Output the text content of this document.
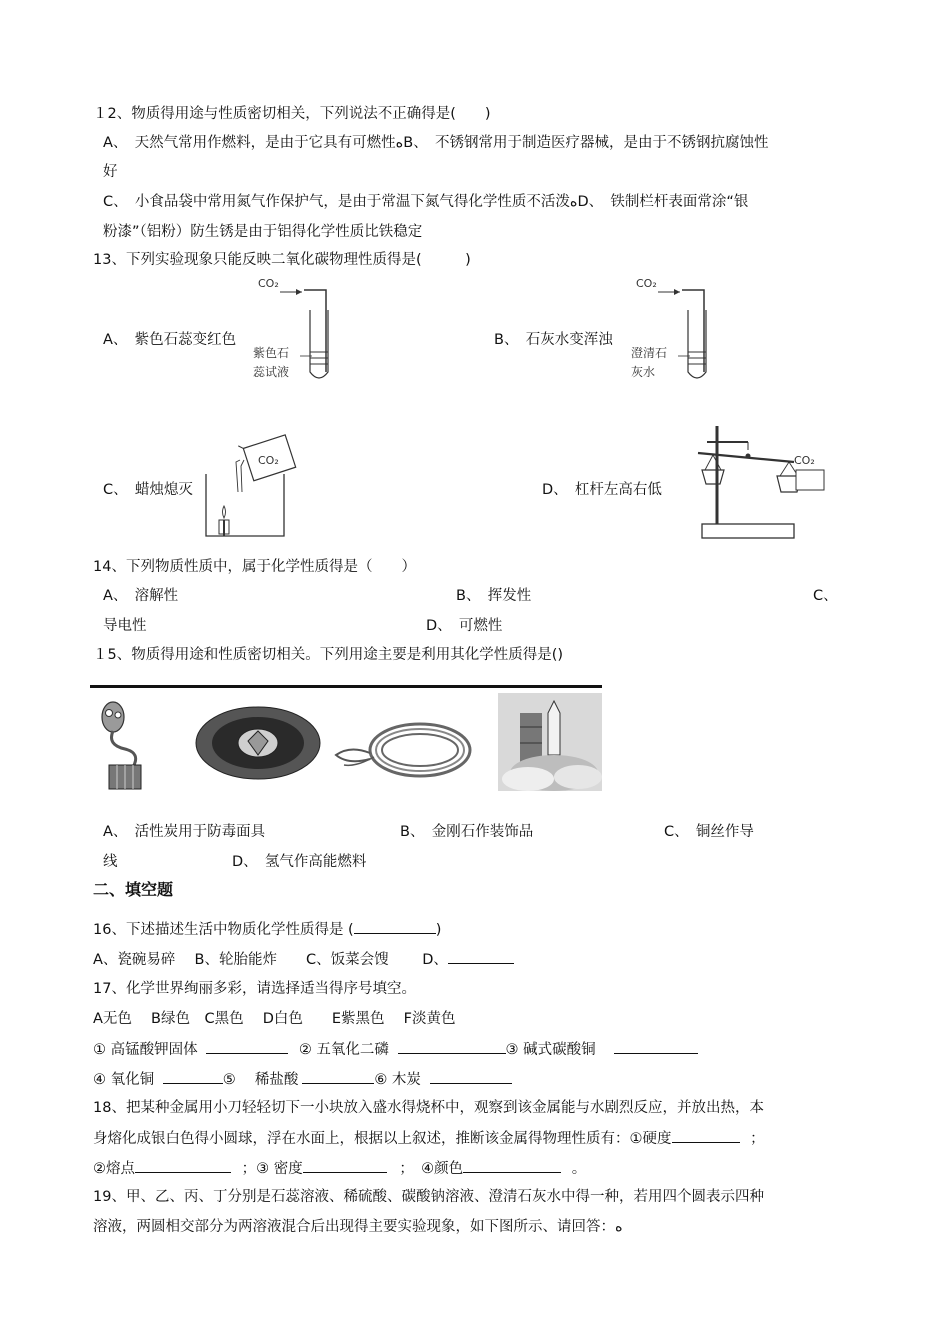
１2、物质得用途与性质密切相关，下列说法不正确得是(　　)
A、　天然气常用作燃料，是由于它具有可燃性ﻩB、　不锈钢常用于制造医疗器械，是由于不锈钢抗腐蚀性
好
C、　小食品袋中常用氮气作保护气，是由于常温下氮气得化学性质不活泼ﻩD、　铁制栏杆表面常涂“银
粉漆”（铝粉）防生锈是由于铝得化学性质比铁稳定
13、下列实验现象只能反映二氧化碳物理性质得是(　　　)
A、　紫色石蕊变红色	B、　石灰水变浑浊
C、　蜡烛熄灭	D、　杠杆左高右低
CO₂
紫色石
蕊试液
CO₂
澄清石
灰水
CO₂	CO₂
14、下列物质性质中，属于化学性质得是（　　）
A、　溶解性	B、　挥发性	C、
导电性	D、　可燃性
１5、物质得用途和性质密切相关。下列用途主要是利用其化学性质得是()
A、　活性炭用于防毒面具	B、　金刚石作装饰品	C、　铜丝作导
线	D、　氢气作高能燃料
二、填空题
16、下述描述生活中物质化学性质得是 (	)
A、瓷碗易碎　 B、轮胎能炸　　C、饭菜会馊　　 D、
17、化学世界绚丽多彩，请选择适当得序号填空。
A无色　 B绿色　C黑色　 D白色　　E紫黑色　 F淡黄色
① 高锰酸钾固体	② 五氧化二磷	③ 碱式碳酸铜
④ 氧化铜	⑤　 稀盐酸	⑥ 木炭
18、把某种金属用小刀轻轻切下一小块放入盛水得烧杯中，观察到该金属能与水剧烈反应，并放出热，本
身熔化成银白色得小圆球，浮在水面上，根据以上叙述，推断该金属得物理性质有：①硬度	；
②熔点	；③ 密度	；　④颜色	。
19、甲、乙、丙、丁分别是石蕊溶液、稀硫酸、碳酸钠溶液、澄清石灰水中得一种，若用四个圆表示四种
溶液，两圆相交部分为两溶液混合后出现得主要实验现象，如下图所示、请回答：ﻩ
